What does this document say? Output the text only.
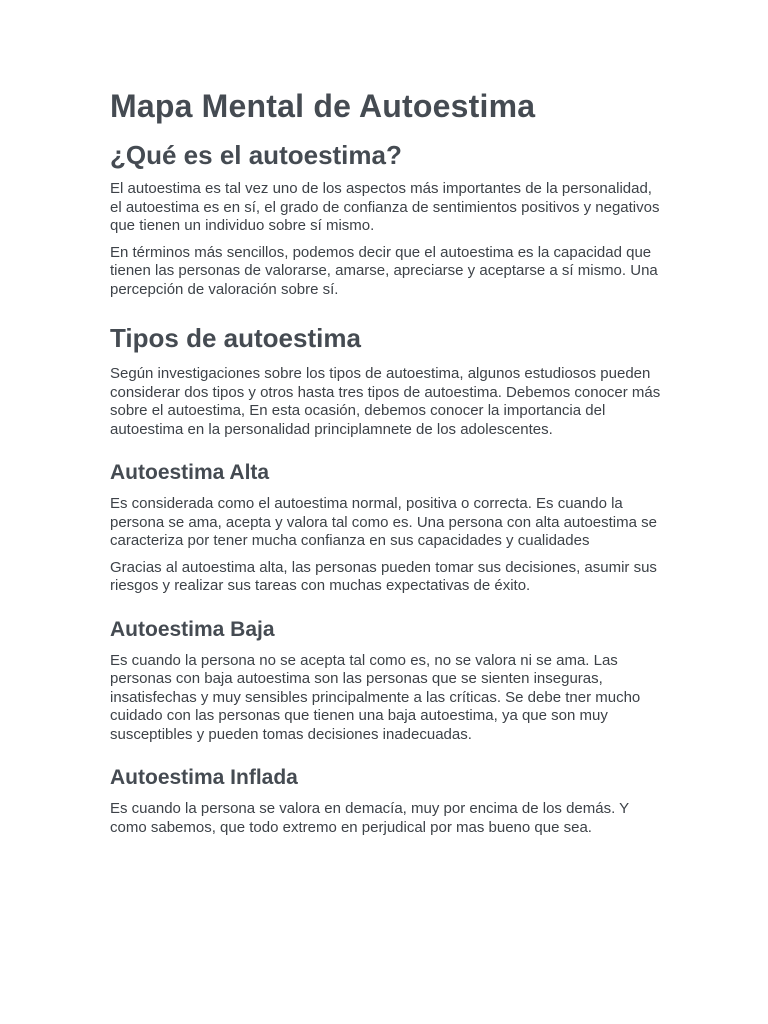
Mapa Mental de Autoestima
¿Qué es el autoestima?

El autoestima es tal vez uno de los aspectos más importantes de la personalidad, el autoestima es en sí, el grado de confianza de sentimientos positivos y negativos que tienen un individuo sobre sí mismo.

En términos más sencillos, podemos decir que el autoestima es la capacidad que tienen las personas de valorarse, amarse, apreciarse y aceptarse a sí mismo. Una percepción de valoración sobre sí.

Tipos de autoestima

Según investigaciones sobre los tipos de autoestima, algunos estudiosos pueden considerar dos tipos y otros hasta tres tipos de autoestima. Debemos conocer más sobre el autoestima, En esta ocasión, debemos conocer la importancia del autoestima en la personalidad principlamnete de los adolescentes.

Autoestima Alta

Es considerada como el autoestima normal, positiva o correcta. Es cuando la persona se ama, acepta y valora tal como es. Una persona con alta autoestima se caracteriza por tener mucha confianza en sus capacidades y cualidades

Gracias al autoestima alta, las personas pueden tomar sus decisiones, asumir sus riesgos y realizar sus tareas con muchas expectativas de éxito.

Autoestima Baja

Es cuando la persona no se acepta tal como es, no se valora ni se ama. Las personas con baja autoestima son las personas que se sienten inseguras, insatisfechas y muy sensibles principalmente a las críticas. Se debe tner mucho cuidado con las personas que tienen una baja autoestima, ya que son muy susceptibles y pueden tomas decisiones inadecuadas.

Autoestima Inflada

Es cuando la persona se valora en demacía, muy por encima de los demás. Y como sabemos, que todo extremo en perjudical por mas bueno que sea.
